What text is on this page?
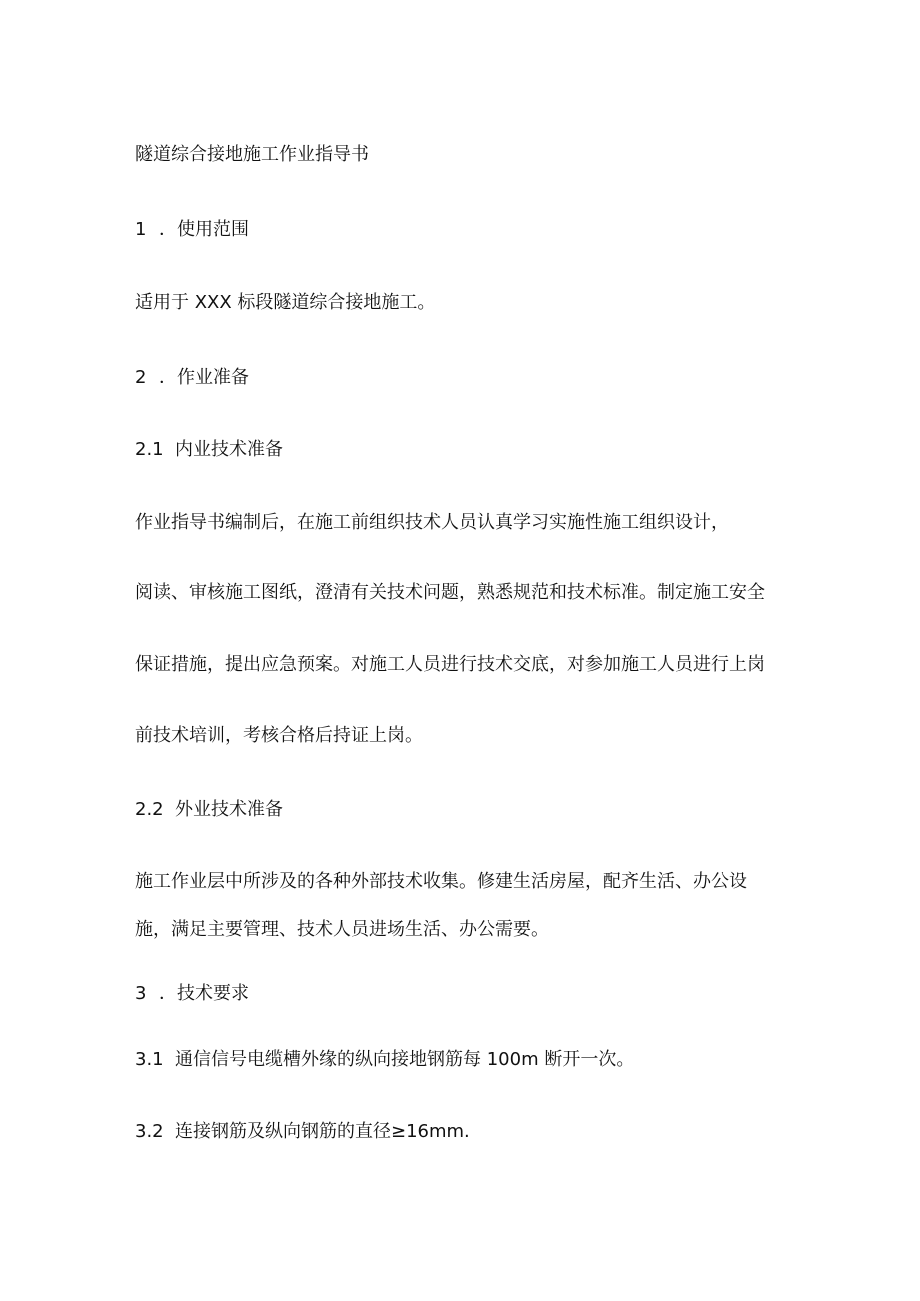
隧道综合接地施工作业指导书
1 ．使用范围

适用于 XXX 标段隧道综合接地施工。

2 ．作业准备
2.1 内业技术准备

作业指导书编制后，在施工前组织技术人员认真学习实施性施工组织设计，

阅读、审核施工图纸，澄清有关技术问题，熟悉规范和技术标准。制定施工安全

保证措施，提出应急预案。对施工人员进行技术交底，对参加施工人员进行上岗

前技术培训，考核合格后持证上岗。

2.2 外业技术准备

施工作业层中所涉及的各种外部技术收集。修建生活房屋，配齐生活、办公设

施，满足主要管理、技术人员进场生活、办公需要。

3 ．技术要求
3.1 通信信号电缆槽外缘的纵向接地钢筋每 100m 断开一次。
3.2 连接钢筋及纵向钢筋的直径≥16mm.
